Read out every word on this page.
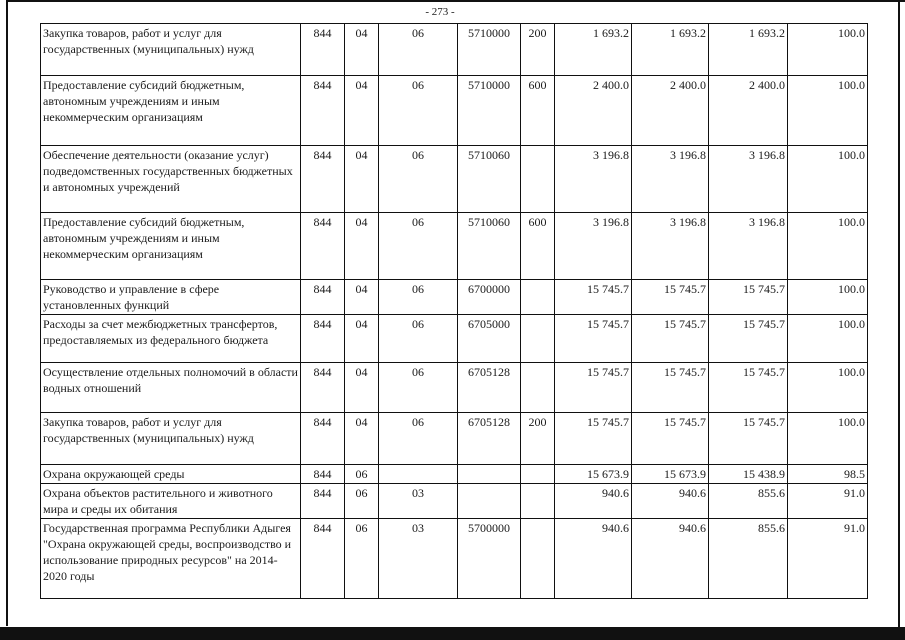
- 273 -
Закупка товаров, работ и услуг для государственных (муниципальных) нужд	844	04	06	5710000	200	1 693.2	1 693.2	1 693.2	100.0
Предоставление субсидий бюджетным, автономным учреждениям и иным некоммерческим организациям	844	04	06	5710000	600	2 400.0	2 400.0	2 400.0	100.0
Обеспечение деятельности (оказание услуг) подведомственных государственных бюджетных и автономных учреждений	844	04	06	5710060		3 196.8	3 196.8	3 196.8	100.0
Предоставление субсидий бюджетным, автономным учреждениям и иным некоммерческим организациям	844	04	06	5710060	600	3 196.8	3 196.8	3 196.8	100.0
Руководство и управление в сфере установленных функций	844	04	06	6700000		15 745.7	15 745.7	15 745.7	100.0
Расходы за счет межбюджетных трансфертов, предоставляемых из федерального бюджета	844	04	06	6705000		15 745.7	15 745.7	15 745.7	100.0
Осуществление отдельных полномочий в области водных отношений	844	04	06	6705128		15 745.7	15 745.7	15 745.7	100.0
Закупка товаров, работ и услуг для государственных (муниципальных) нужд	844	04	06	6705128	200	15 745.7	15 745.7	15 745.7	100.0
Охрана окружающей среды	844	06				15 673.9	15 673.9	15 438.9	98.5
Охрана объектов растительного и животного мира и среды их обитания	844	06	03			940.6	940.6	855.6	91.0
Государственная программа Республики Адыгея "Охрана окружающей среды, воспроизводство и использование природных ресурсов" на 2014-2020 годы	844	06	03	5700000		940.6	940.6	855.6	91.0
